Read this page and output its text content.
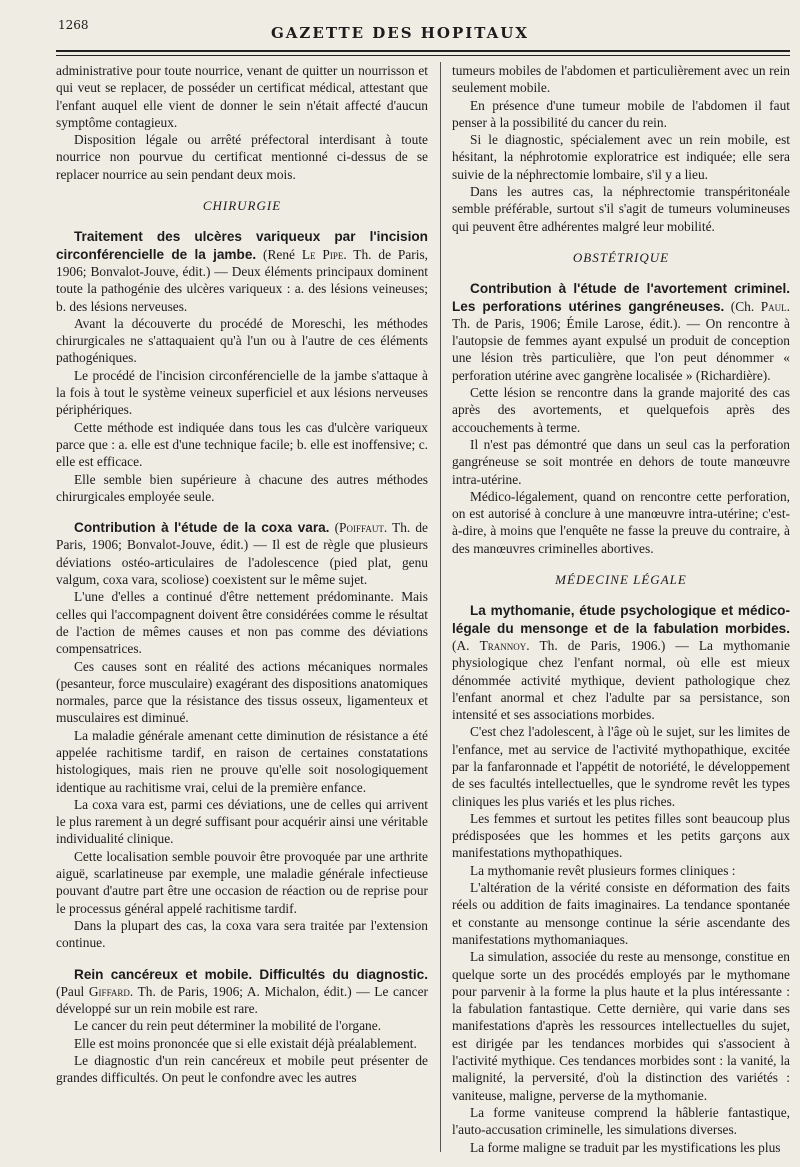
1268	GAZETTE DES HOPITAUX

administrative pour toute nourrice, venant de quitter un nourrisson et qui veut se replacer, de posséder un certificat médical, attestant que l'enfant auquel elle vient de donner le sein n'était affecté d'aucun symptôme contagieux.

Disposition légale ou arrêté préfectoral interdisant à toute nourrice non pourvue du certificat mentionné ci-dessus de se replacer nourrice au sein pendant deux mois.

CHIRURGIE

Traitement des ulcères variqueux par l'incision circonférencielle de la jambe. (René Le Pipe. Th. de Paris, 1906; Bonvalot-Jouve, édit.) — Deux éléments principaux dominent toute la pathogénie des ulcères variqueux : a. des lésions veineuses; b. des lésions nerveuses.

Avant la découverte du procédé de Moreschi, les méthodes chirurgicales ne s'attaquaient qu'à l'un ou à l'autre de ces éléments pathogéniques.

Le procédé de l'incision circonférencielle de la jambe s'attaque à la fois à tout le système veineux superficiel et aux lésions nerveuses périphériques.

Cette méthode est indiquée dans tous les cas d'ulcère variqueux parce que : a. elle est d'une technique facile; b. elle est inoffensive; c. elle est efficace.

Elle semble bien supérieure à chacune des autres méthodes chirurgicales employée seule.

Contribution à l'étude de la coxa vara. (Poiffaut. Th. de Paris, 1906; Bonvalot-Jouve, édit.) — Il est de règle que plusieurs déviations ostéo-articulaires de l'adolescence (pied plat, genu valgum, coxa vara, scoliose) coexistent sur le même sujet.

L'une d'elles a continué d'être nettement prédominante. Mais celles qui l'accompagnent doivent être considérées comme le résultat de l'action de mêmes causes et non pas comme des déviations compensatrices.

Ces causes sont en réalité des actions mécaniques normales (pesanteur, force musculaire) exagérant des dispositions anatomiques normales, parce que la résistance des tissus osseux, ligamenteux et musculaires est diminué.

La maladie générale amenant cette diminution de résistance a été appelée rachitisme tardif, en raison de certaines constatations histologiques, mais rien ne prouve qu'elle soit nosologiquement identique au rachitisme vrai, celui de la première enfance.

La coxa vara est, parmi ces déviations, une de celles qui arrivent le plus rarement à un degré suffisant pour acquérir ainsi une véritable individualité clinique.

Cette localisation semble pouvoir être provoquée par une arthrite aiguë, scarlatineuse par exemple, une maladie générale infectieuse pouvant d'autre part être une occasion de réaction ou de reprise pour le processus général appelé rachitisme tardif.

Dans la plupart des cas, la coxa vara sera traitée par l'extension continue.

Rein cancéreux et mobile. Difficultés du diagnostic. (Paul Giffard. Th. de Paris, 1906; A. Michalon, édit.) — Le cancer développé sur un rein mobile est rare.

Le cancer du rein peut déterminer la mobilité de l'organe.

Elle est moins prononcée que si elle existait déjà préalablement.

Le diagnostic d'un rein cancéreux et mobile peut présenter de grandes difficultés. On peut le confondre avec les autres

tumeurs mobiles de l'abdomen et particulièrement avec un rein seulement mobile.

En présence d'une tumeur mobile de l'abdomen il faut penser à la possibilité du cancer du rein.

Si le diagnostic, spécialement avec un rein mobile, est hésitant, la néphrotomie exploratrice est indiquée; elle sera suivie de la néphrectomie lombaire, s'il y a lieu.

Dans les autres cas, la néphrectomie transpéritonéale semble préférable, surtout s'il s'agit de tumeurs volumineuses qui peuvent être adhérentes malgré leur mobilité.

OBSTÉTRIQUE

Contribution à l'étude de l'avortement criminel. Les perforations utérines gangréneuses. (Ch. Paul. Th. de Paris, 1906; Émile Larose, édit.). — On rencontre à l'autopsie de femmes ayant expulsé un produit de conception une lésion très particulière, que l'on peut dénommer « perforation utérine avec gangrène localisée » (Richardière).

Cette lésion se rencontre dans la grande majorité des cas après des avortements, et quelquefois après des accouchements à terme.

Il n'est pas démontré que dans un seul cas la perforation gangréneuse se soit montrée en dehors de toute manœuvre intra-utérine.

Médico-légalement, quand on rencontre cette perforation, on est autorisé à conclure à une manœuvre intra-utérine; c'est-à-dire, à moins que l'enquête ne fasse la preuve du contraire, à des manœuvres criminelles abortives.

MÉDECINE LÉGALE

La mythomanie, étude psychologique et médico-légale du mensonge et de la fabulation morbides. (A. Trannoy. Th. de Paris, 1906.) — La mythomanie physiologique chez l'enfant normal, où elle est mieux dénommée activité mythique, devient pathologique chez l'enfant anormal et chez l'adulte par sa persistance, son intensité et ses associations morbides.

C'est chez l'adolescent, à l'âge où le sujet, sur les limites de l'enfance, met au service de l'activité mythopathique, excitée par la fanfaronnade et l'appétit de notoriété, le développement de ses facultés intellectuelles, que le syndrome revêt les types cliniques les plus variés et les plus riches.

Les femmes et surtout les petites filles sont beaucoup plus prédisposées que les hommes et les petits garçons aux manifestations mythopathiques.

La mythomanie revêt plusieurs formes cliniques :

L'altération de la vérité consiste en déformation des faits réels ou addition de faits imaginaires. La tendance spontanée et constante au mensonge continue la série ascendante des manifestations mythomaniaques.

La simulation, associée du reste au mensonge, constitue en quelque sorte un des procédés employés par le mythomane pour parvenir à la forme la plus haute et la plus intéressante : la fabulation fantastique. Cette dernière, qui varie dans ses manifestations d'après les ressources intellectuelles du sujet, est dirigée par les tendances morbides qui s'associent à l'activité mythique. Ces tendances morbides sont : la vanité, la malignité, la perversité, d'où la distinction des variétés : vaniteuse, maligne, perverse de la mythomanie.

La forme vaniteuse comprend la hâblerie fantastique, l'auto-accusation criminelle, les simulations diverses.

La forme maligne se traduit par les mystifications les plus
